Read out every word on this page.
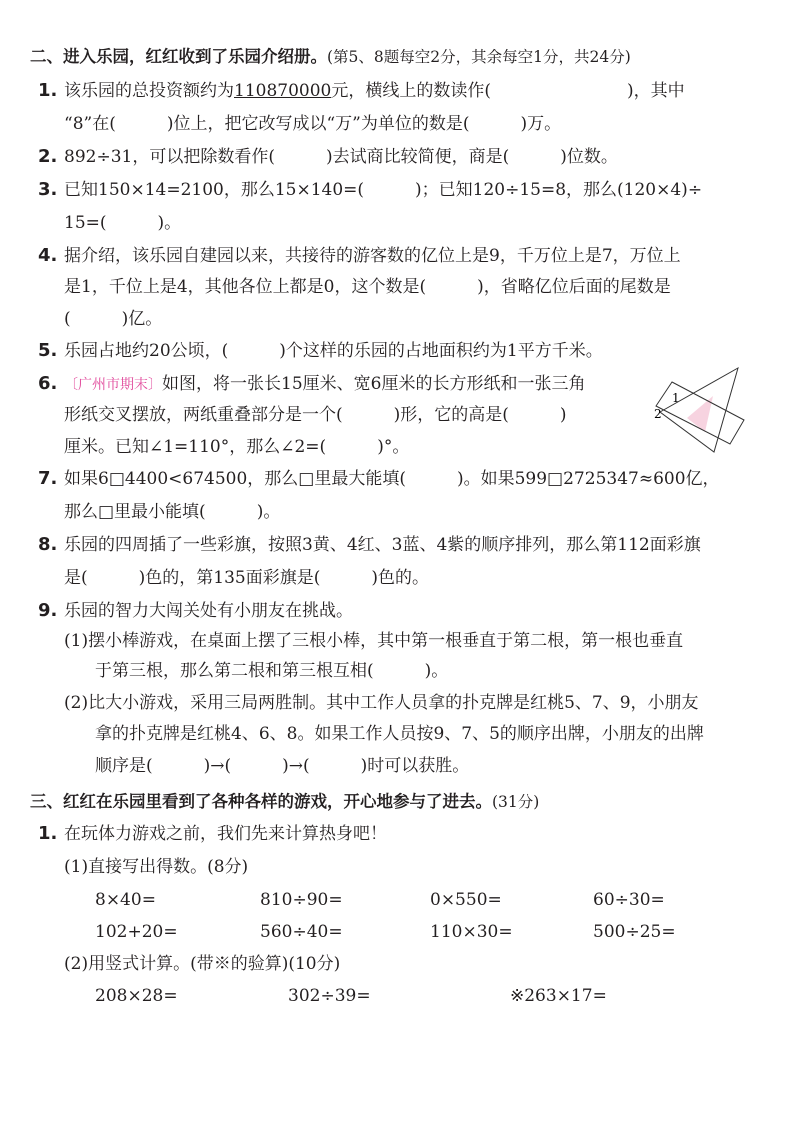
二、进入乐园，红红收到了乐园介绍册。(第5、8题每空2分，其余每空1分，共24分)
1. 该乐园的总投资额约为110870000元，横线上的数读作(　　　　　　　　)，其中
“8”在(　　　)位上，把它改写成以“万”为单位的数是(　　　)万。
2. 892÷31，可以把除数看作(　　　)去试商比较简便，商是(　　　)位数。
3. 已知150×14=2100，那么15×140=(　　　)；已知120÷15=8，那么(120×4)÷
15=(　　　)。
4. 据介绍，该乐园自建园以来，共接待的游客数的亿位上是9，千万位上是7，万位上
是1，千位上是4，其他各位上都是0，这个数是(　　　)，省略亿位后面的尾数是
(　　　)亿。
5. 乐园占地约20公顷，(　　　)个这样的乐园的占地面积约为1平方千米。
6. 〔广州市期末〕如图，将一张长15厘米、宽6厘米的长方形纸和一张三角
形纸交叉摆放，两纸重叠部分是一个(　　　)形，它的高是(　　　)
厘米。已知∠1=110°，那么∠2=(　　　)°。
1
2
7. 如果6□4400<674500，那么□里最大能填(　　　)。如果599□2725347≈600亿，
那么□里最小能填(　　　)。
8. 乐园的四周插了一些彩旗，按照3黄、4红、3蓝、4紫的顺序排列，那么第112面彩旗
是(　　　)色的，第135面彩旗是(　　　)色的。
9. 乐园的智力大闯关处有小朋友在挑战。
(1)摆小棒游戏，在桌面上摆了三根小棒，其中第一根垂直于第二根，第一根也垂直
于第三根，那么第二根和第三根互相(　　　)。
(2)比大小游戏，采用三局两胜制。其中工作人员拿的扑克牌是红桃5、7、9，小朋友
拿的扑克牌是红桃4、6、8。如果工作人员按9、7、5的顺序出牌，小朋友的出牌
顺序是(　　　)→(　　　)→(　　　)时可以获胜。
三、红红在乐园里看到了各种各样的游戏，开心地参与了进去。(31分)
1. 在玩体力游戏之前，我们先来计算热身吧！
(1)直接写出得数。(8分)
8×40=	810÷90=	0×550=	60÷30=
102+20=	560÷40=	110×30=	500÷25=
(2)用竖式计算。(带※的验算)(10分)
208×28=	302÷39=	※263×17=
